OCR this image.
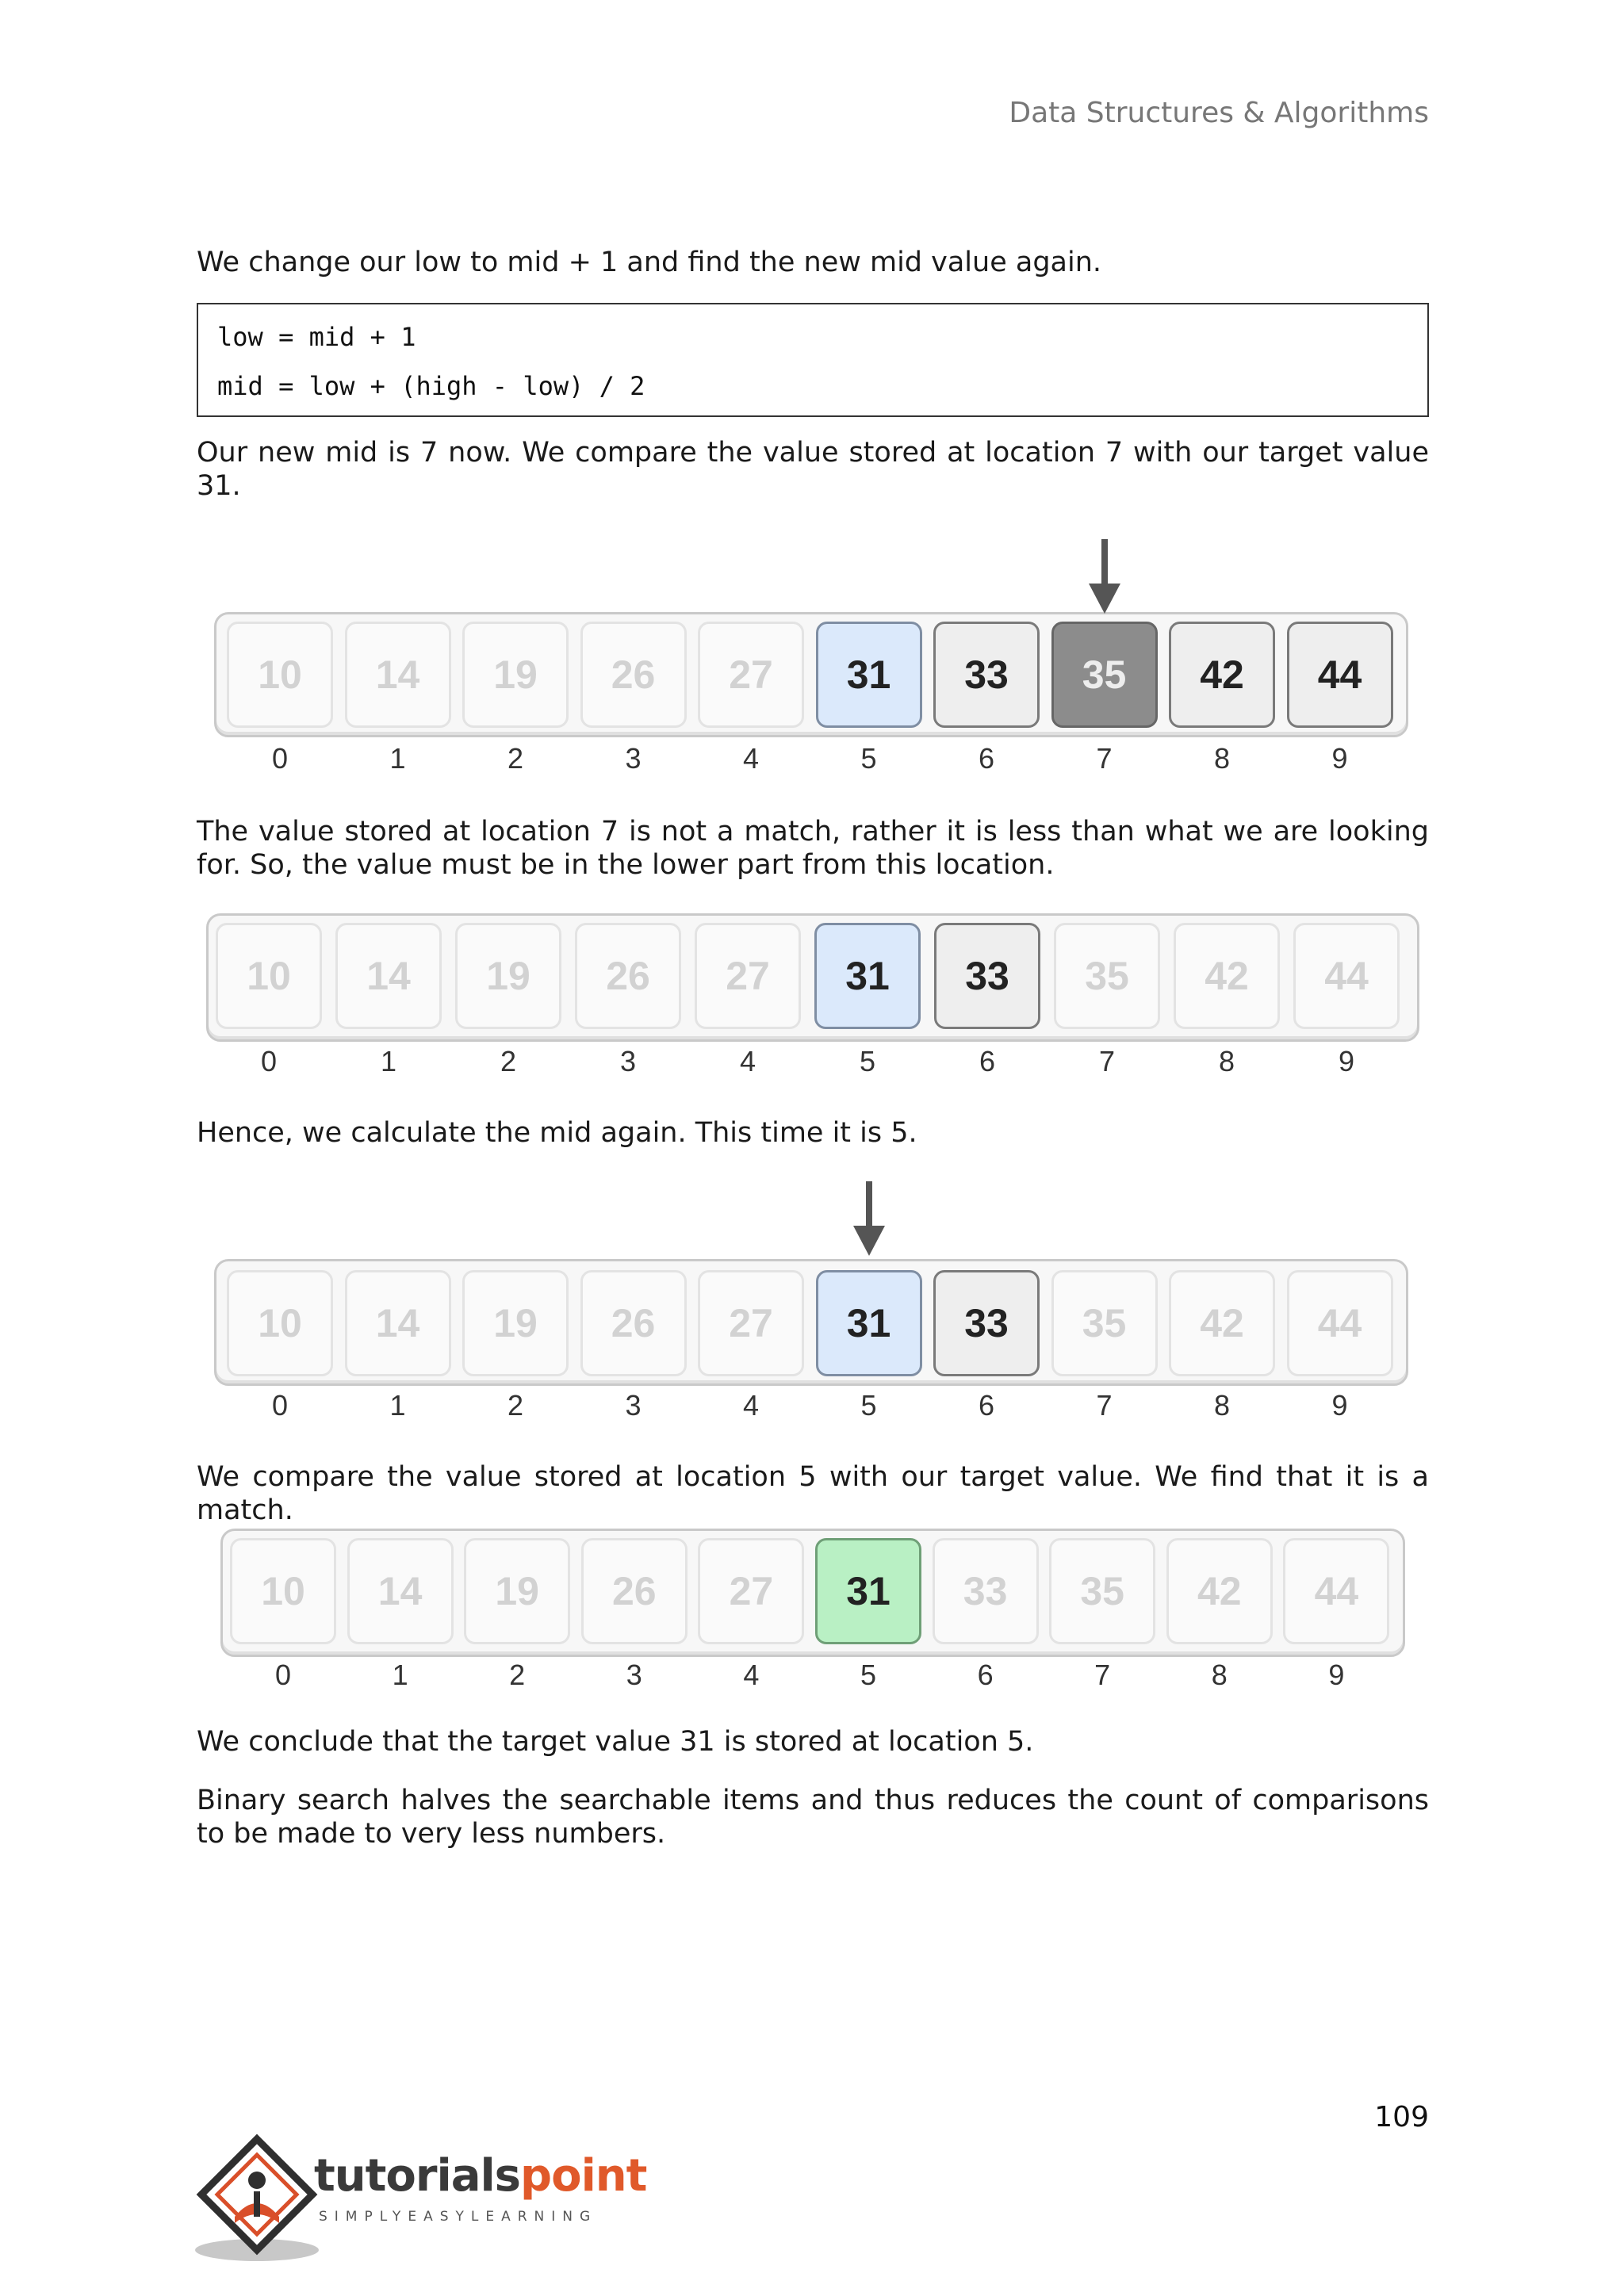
Data Structures & Algorithms

We change our low to mid + 1 and find the new mid value again.

low = mid + 1
mid = low + (high - low) / 2

Our new mid is 7 now. We compare the value stored at location 7 with our target value 31.

10
0
14
1
19
2
26
3
27
4
31
5
33
6
35
7
42
8
44
9

The value stored at location 7 is not a match, rather it is less than what we are looking for. So, the value must be in the lower part from this location.

10
0
14
1
19
2
26
3
27
4
31
5
33
6
35
7
42
8
44
9

Hence, we calculate the mid again. This time it is 5.

10
0
14
1
19
2
26
3
27
4
31
5
33
6
35
7
42
8
44
9

We compare the value stored at location 5 with our target value. We find that it is a match.

10
0
14
1
19
2
26
3
27
4
31
5
33
6
35
7
42
8
44
9

We conclude that the target value 31 is stored at location 5.

Binary search halves the searchable items and thus reduces the count of comparisons to be made to very less numbers.

109
tutorialspoint
SIMPLYEASYLEARNING
